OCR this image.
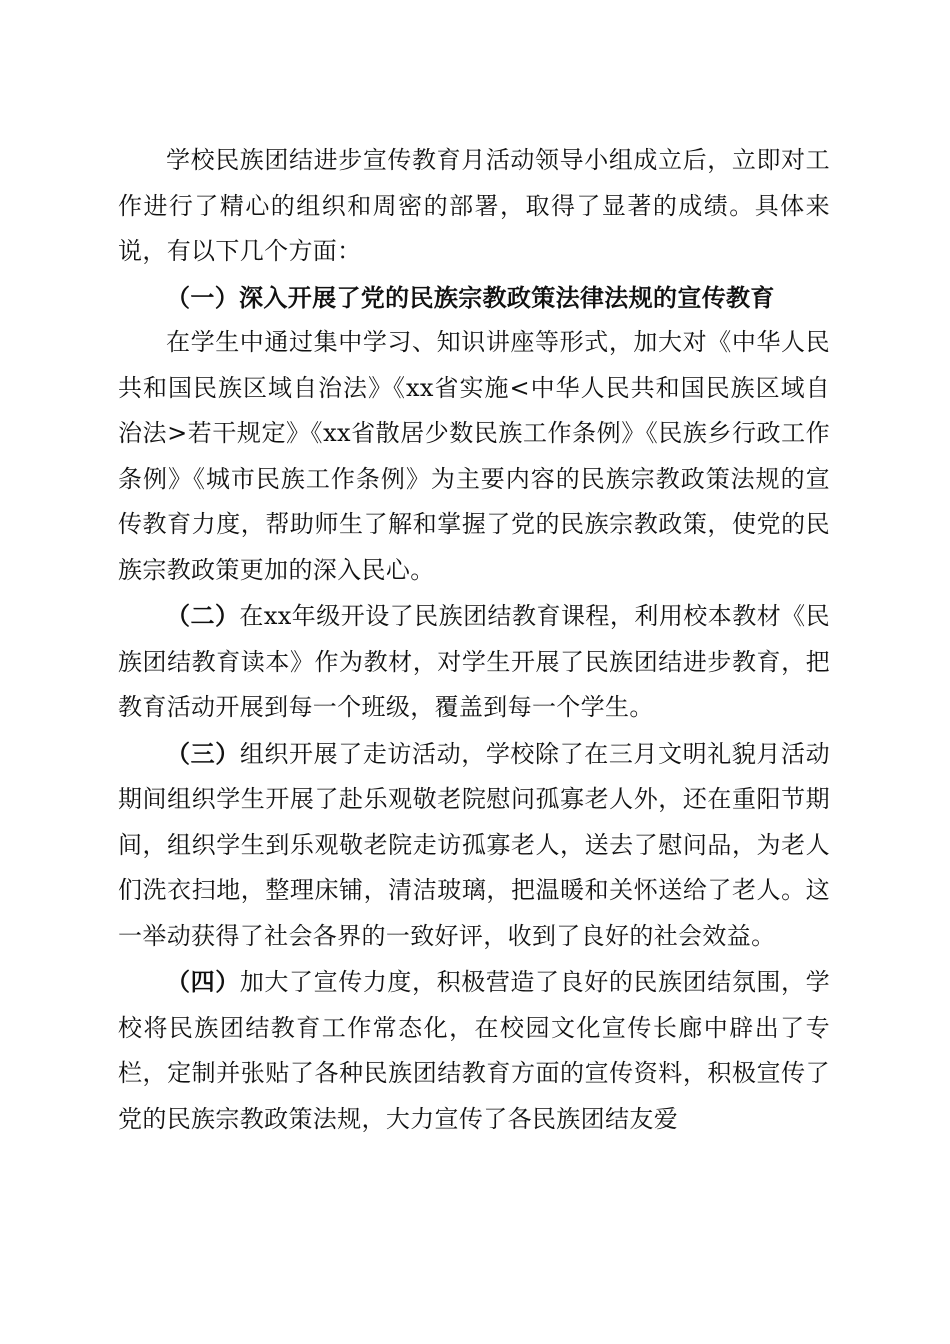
学校民族团结进步宣传教育月活动领导小组成立后，立即对工作进行了精心的组织和周密的部署，取得了显著的成绩。具体来说，有以下几个方面：

（一）深入开展了党的民族宗教政策法律法规的宣传教育

在学生中通过集中学习、知识讲座等形式，加大对《中华人民共和国民族区域自治法》《xx省实施<中华人民共和国民族区域自治法>若干规定》《xx省散居少数民族工作条例》《民族乡行政工作条例》《城市民族工作条例》为主要内容的民族宗教政策法规的宣传教育力度，帮助师生了解和掌握了党的民族宗教政策，使党的民族宗教政策更加的深入民心。

（二）在xx年级开设了民族团结教育课程，利用校本教材《民族团结教育读本》作为教材，对学生开展了民族团结进步教育，把教育活动开展到每一个班级，覆盖到每一个学生。

（三）组织开展了走访活动，学校除了在三月文明礼貌月活动期间组织学生开展了赴乐观敬老院慰问孤寡老人外，还在重阳节期间，组织学生到乐观敬老院走访孤寡老人，送去了慰问品，为老人们洗衣扫地，整理床铺，清洁玻璃，把温暖和关怀送给了老人。这一举动获得了社会各界的一致好评，收到了良好的社会效益。

（四）加大了宣传力度，积极营造了良好的民族团结氛围，学校将民族团结教育工作常态化，在校园文化宣传长廊中辟出了专栏，定制并张贴了各种民族团结教育方面的宣传资料，积极宣传了党的民族宗教政策法规，大力宣传了各民族团结友爱
